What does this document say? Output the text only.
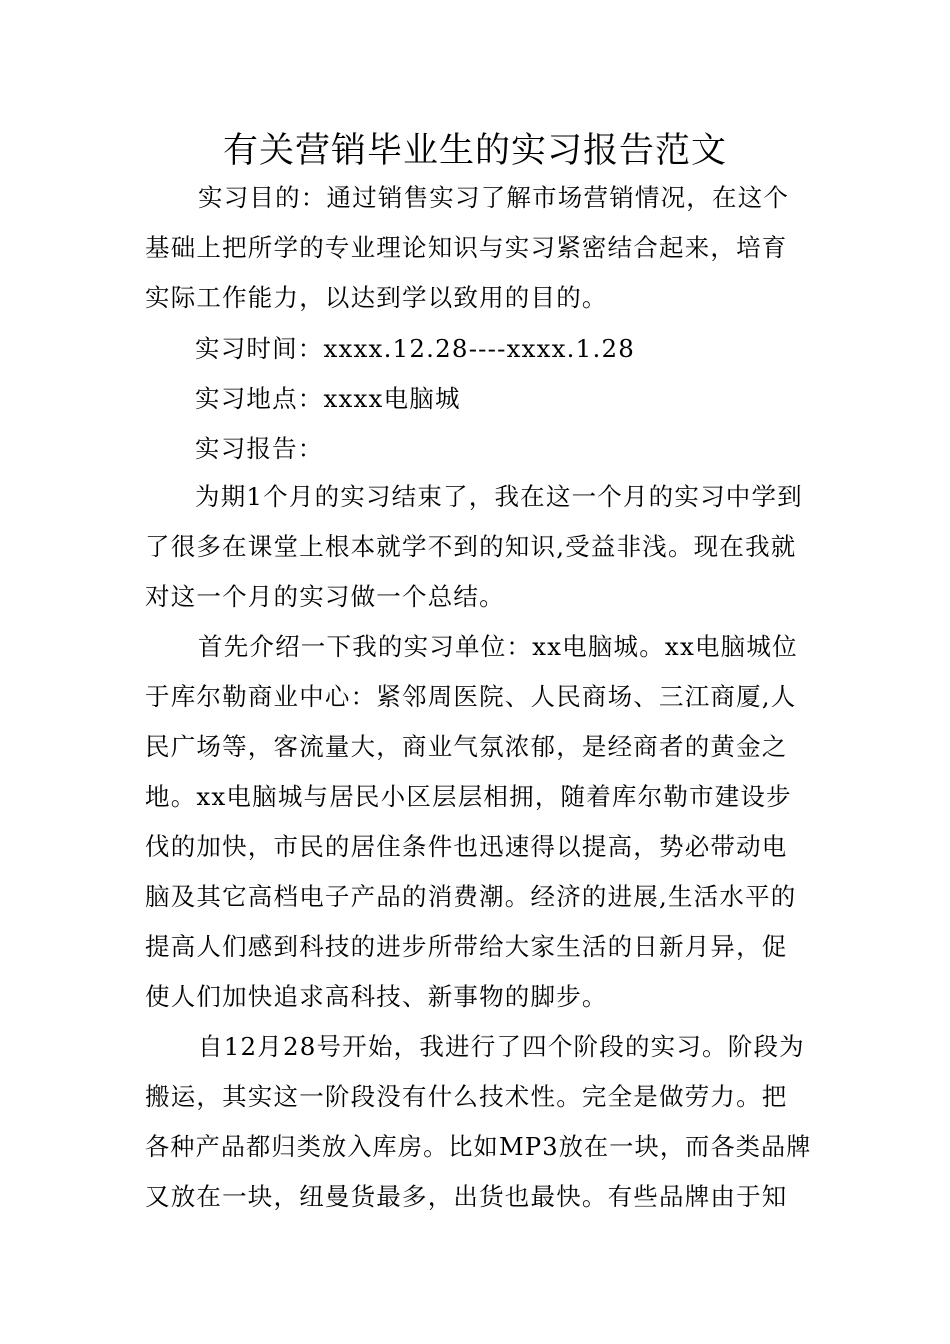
有关营销毕业生的实习报告范文
实习目的：通过销售实习了解市场营销情况，在这个
基础上把所学的专业理论知识与实习紧密结合起来，培育
实际工作能力，以达到学以致用的目的。
实习时间：xxxx.12.28----xxxx.1.28
实习地点：xxxx电脑城
实习报告：
为期1个月的实习结束了，我在这一个月的实习中学到
了很多在课堂上根本就学不到的知识,受益非浅。现在我就
对这一个月的实习做一个总结。
首先介绍一下我的实习单位：xx电脑城。xx电脑城位
于库尔勒商业中心：紧邻周医院、人民商场、三江商厦,人
民广场等，客流量大，商业气氛浓郁，是经商者的黄金之
地。xx电脑城与居民小区层层相拥，随着库尔勒市建设步
伐的加快，市民的居住条件也迅速得以提高，势必带动电
脑及其它高档电子产品的消费潮。经济的进展,生活水平的
提高人们感到科技的进步所带给大家生活的日新月异，促
使人们加快追求高科技、新事物的脚步。
自12月28号开始，我进行了四个阶段的实习。阶段为
搬运，其实这一阶段没有什么技术性。完全是做劳力。把
各种产品都归类放入库房。比如MP3放在一块，而各类品牌
又放在一块，纽曼货最多，出货也最快。有些品牌由于知
